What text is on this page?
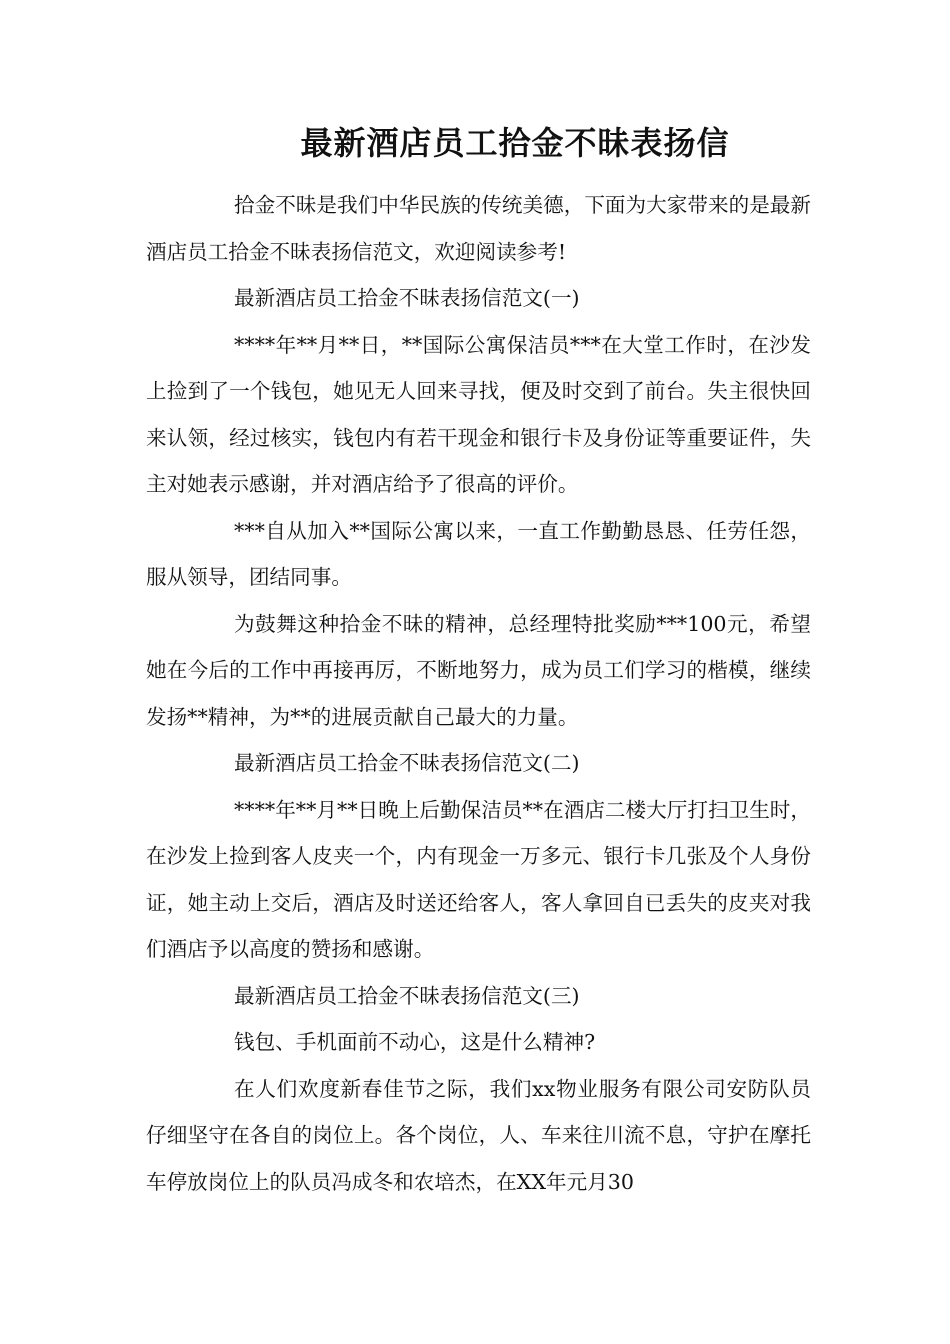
最新酒店员工拾金不昧表扬信

拾金不昧是我们中华民族的传统美德，下面为大家带来的是最新酒店员工拾金不昧表扬信范文，欢迎阅读参考!

最新酒店员工拾金不昧表扬信范文(一)

****年**月**日，**国际公寓保洁员***在大堂工作时，在沙发上捡到了一个钱包，她见无人回来寻找，便及时交到了前台。失主很快回来认领，经过核实，钱包内有若干现金和银行卡及身份证等重要证件，失主对她表示感谢，并对酒店给予了很高的评价。

***自从加入**国际公寓以来，一直工作勤勤恳恳、任劳任怨，服从领导，团结同事。

为鼓舞这种拾金不昧的精神，总经理特批奖励***100元，希望她在今后的工作中再接再厉，不断地努力，成为员工们学习的楷模，继续发扬**精神，为**的进展贡献自己最大的力量。

最新酒店员工拾金不昧表扬信范文(二)

****年**月**日晚上后勤保洁员**在酒店二楼大厅打扫卫生时，在沙发上捡到客人皮夹一个，内有现金一万多元、银行卡几张及个人身份证，她主动上交后，酒店及时送还给客人，客人拿回自已丢失的皮夹对我们酒店予以高度的赞扬和感谢。

最新酒店员工拾金不昧表扬信范文(三)

钱包、手机面前不动心，这是什么精神?

在人们欢度新春佳节之际，我们xx物业服务有限公司安防队员仔细坚守在各自的岗位上。各个岗位，人、车来往川流不息，守护在摩托车停放岗位上的队员冯成冬和农培杰，在XX年元月30
